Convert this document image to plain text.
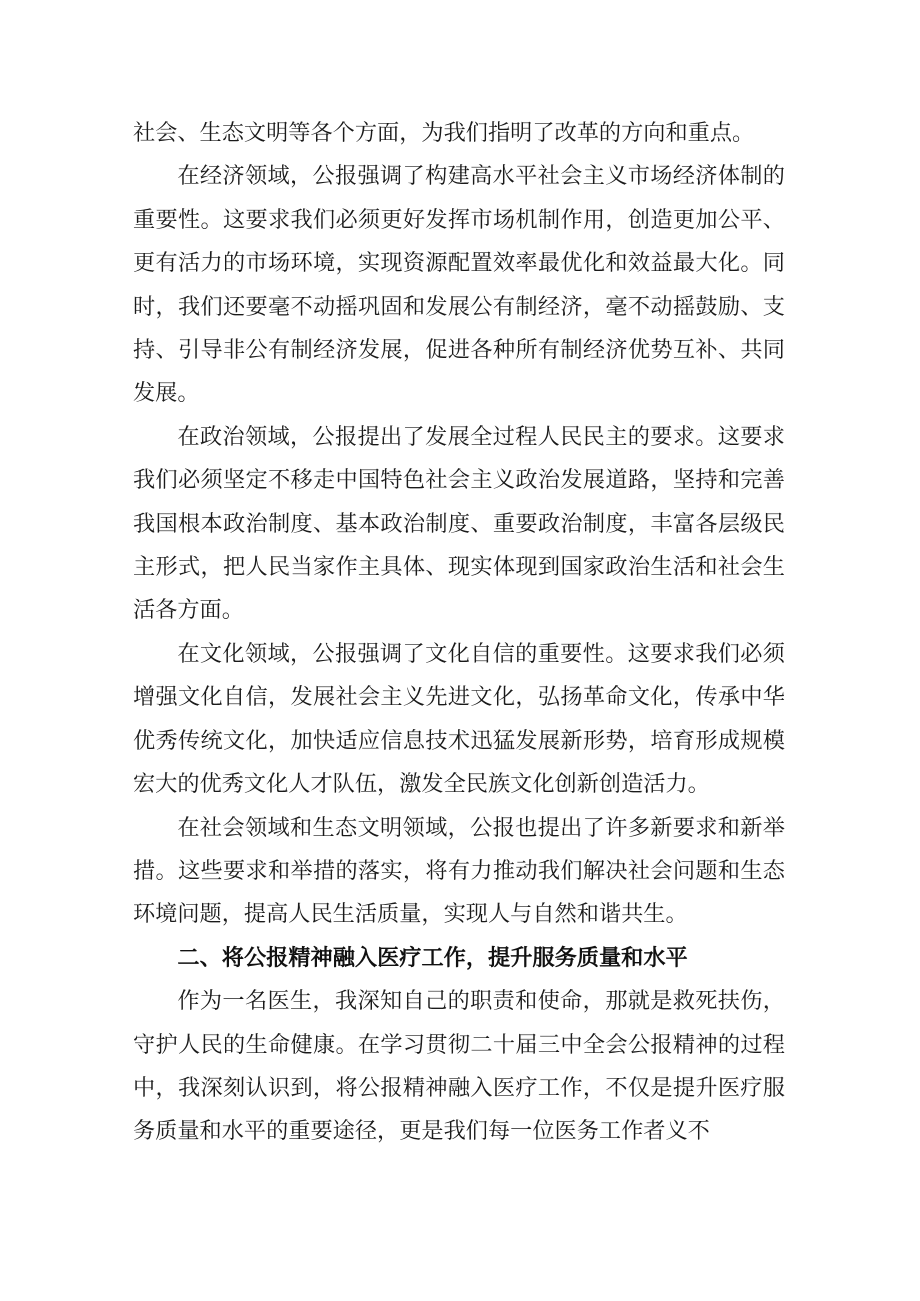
社会、生态文明等各个方面，为我们指明了改革的方向和重点。

在经济领域，公报强调了构建高水平社会主义市场经济体制的重要性。这要求我们必须更好发挥市场机制作用，创造更加公平、更有活力的市场环境，实现资源配置效率最优化和效益最大化。同时，我们还要毫不动摇巩固和发展公有制经济，毫不动摇鼓励、支持、引导非公有制经济发展，促进各种所有制经济优势互补、共同发展。

在政治领域，公报提出了发展全过程人民民主的要求。这要求我们必须坚定不移走中国特色社会主义政治发展道路，坚持和完善我国根本政治制度、基本政治制度、重要政治制度，丰富各层级民主形式，把人民当家作主具体、现实体现到国家政治生活和社会生活各方面。

在文化领域，公报强调了文化自信的重要性。这要求我们必须增强文化自信，发展社会主义先进文化，弘扬革命文化，传承中华优秀传统文化，加快适应信息技术迅猛发展新形势，培育形成规模宏大的优秀文化人才队伍，激发全民族文化创新创造活力。

在社会领域和生态文明领域，公报也提出了许多新要求和新举措。这些要求和举措的落实，将有力推动我们解决社会问题和生态环境问题，提高人民生活质量，实现人与自然和谐共生。

二、将公报精神融入医疗工作，提升服务质量和水平

作为一名医生，我深知自己的职责和使命，那就是救死扶伤，守护人民的生命健康。在学习贯彻二十届三中全会公报精神的过程中，我深刻认识到，将公报精神融入医疗工作，不仅是提升医疗服务质量和水平的重要途径，更是我们每一位医务工作者义不
